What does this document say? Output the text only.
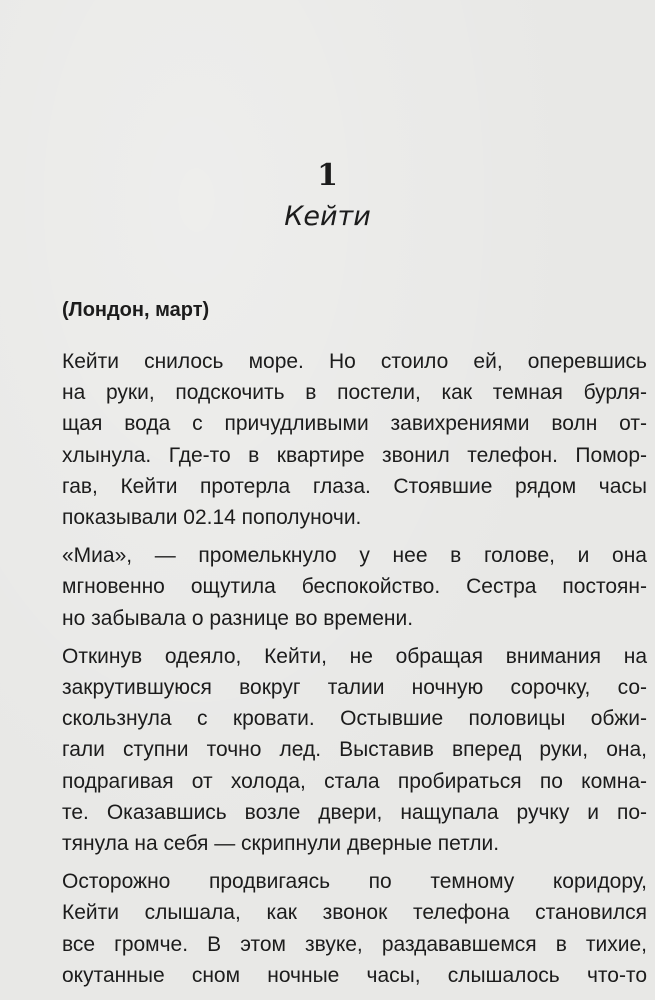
1
Кейти
(Лондон, март)
Кейти снилось море. Но стоило ей, оперевшись
на руки, подскочить в постели, как темная бурля-
щая вода с причудливыми завихрениями волн от-
хлынула. Где-то в квартире звонил телефон. Помор-
гав, Кейти протерла глаза. Стоявшие рядом часы
показывали 02.14 пополуночи.
«Миа», — промелькнуло у нее в голове, и она
мгновенно ощутила беспокойство. Сестра постоян-
но забывала о разнице во времени.
Откинув одеяло, Кейти, не обращая внимания на
закрутившуюся вокруг талии ночную сорочку, со-
скользнула с кровати. Остывшие половицы обжи-
гали ступни точно лед. Выставив вперед руки, она,
подрагивая от холода, стала пробираться по комна-
те. Оказавшись возле двери, нащупала ручку и по-
тянула на себя — скрипнули дверные петли.
Осторожно продвигаясь по темному коридору,
Кейти слышала, как звонок телефона становился
все громче. В этом звуке, раздававшемся в тихие,
окутанные сном ночные часы, слышалось что-то
